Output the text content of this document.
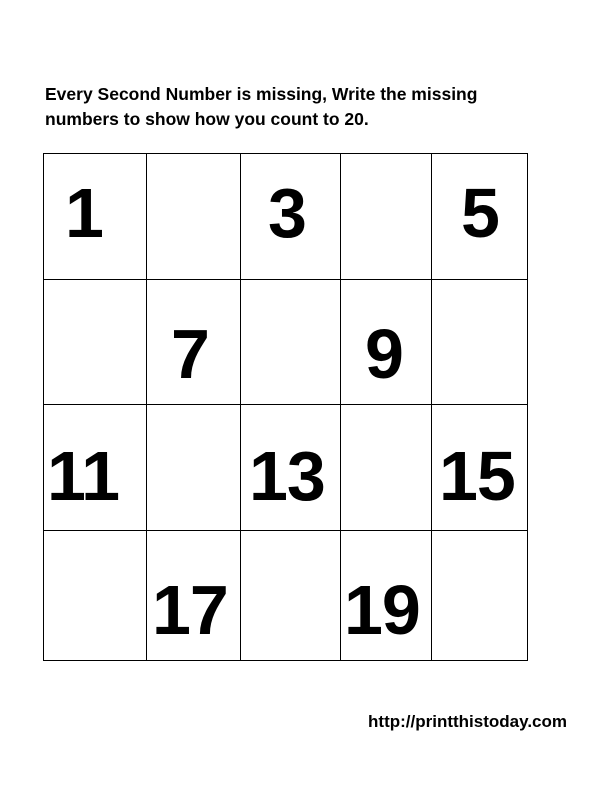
Every Second Number is missing, Write the missing
numbers to show how you count to 20.
1 3 5
7 9
11 13 15
17 19
http://printthistoday.com
